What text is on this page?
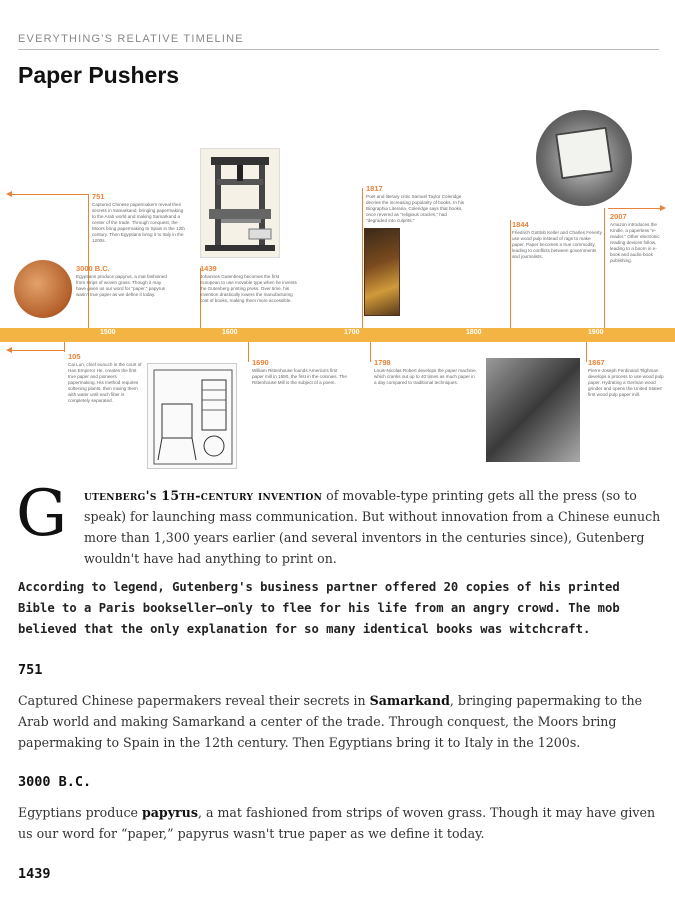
EVERYTHING'S RELATIVE TIMELINE
Paper Pushers
1500	1600	1700	1800	1900
751
Captured Chinese papermakers reveal their secrets in Samarkand, bringing papermaking to the Arab world and making Samarkand a center of the trade. Through conquest, the Moors bring papermaking to Spain in the 12th century. Then Egyptians bring it to Italy in the 1200s.
3000 B.C.
Egyptians produce papyrus, a mat fashioned from strips of woven grass. Though it may have given us our word for "paper," papyrus wasn't true paper as we define it today.
1439
Johannes Gutenberg becomes the first European to use movable type when he invents the Gutenberg printing press. Over time, his invention drastically lowers the manufacturing cost of books, making them more accessible.
1817
Poet and literary critic Samuel Taylor Coleridge decries the increasing popularity of books. In his Biographia Literaria, Coleridge says that books, once revered as "religious oracles," had "degraded into culprits."	1844
Friedrich Gottlob Keller and Charles Fenerty use wood pulp instead of rags to make paper. Paper becomes a true commodity, leading to conflicts between governments and journalists.
2007
Amazon introduces the Kindle, a paperless "e-reader." Other electronic reading devices follow, leading to a boom in e-book and audio-book publishing.
105
Cai Lun, chief eunuch in the court of Han Emperor He, creates the first true paper and pioneers papermaking. His method requires softening plants, then mixing them with water until each fiber is completely separated.
1690
William Rittenhouse founds America's first paper mill in 1690, the first in the colonies. The Rittenhouse Mill is the subject of a poem.
1798
Louis-Nicolas Robert develops the paper machine, which cranks out up to 40 times as much paper in a day compared to traditional techniques.
1867
Pierre-Joseph Ferdinand Tilghman develops a process to use wood pulp paper. Hydrating a German wood grinder and opens the United States' first wood pulp paper mill.
G utenberg's 15th-century invention of movable-type printing gets all the press (so to speak) for launching mass communication. But without innovation from a Chinese eunuch more than 1,300 years earlier (and several inventors in the centuries since), Gutenberg wouldn't have had anything to print on.

According to legend, Gutenberg's business partner offered 20 copies of his printed Bible to a Paris bookseller—only to flee for his life from an angry crowd. The mob believed that the only explanation for so many identical books was witchcraft.

751

Captured Chinese papermakers reveal their secrets in Samarkand, bringing papermaking to the Arab world and making Samarkand a center of the trade. Through conquest, the Moors bring papermaking to Spain in the 12th century. Then Egyptians bring it to Italy in the 1200s.

3000 B.C.

Egyptians produce papyrus, a mat fashioned from strips of woven grass. Though it may have given us our word for “paper,” papyrus wasn't true paper as we define it today.

1439
